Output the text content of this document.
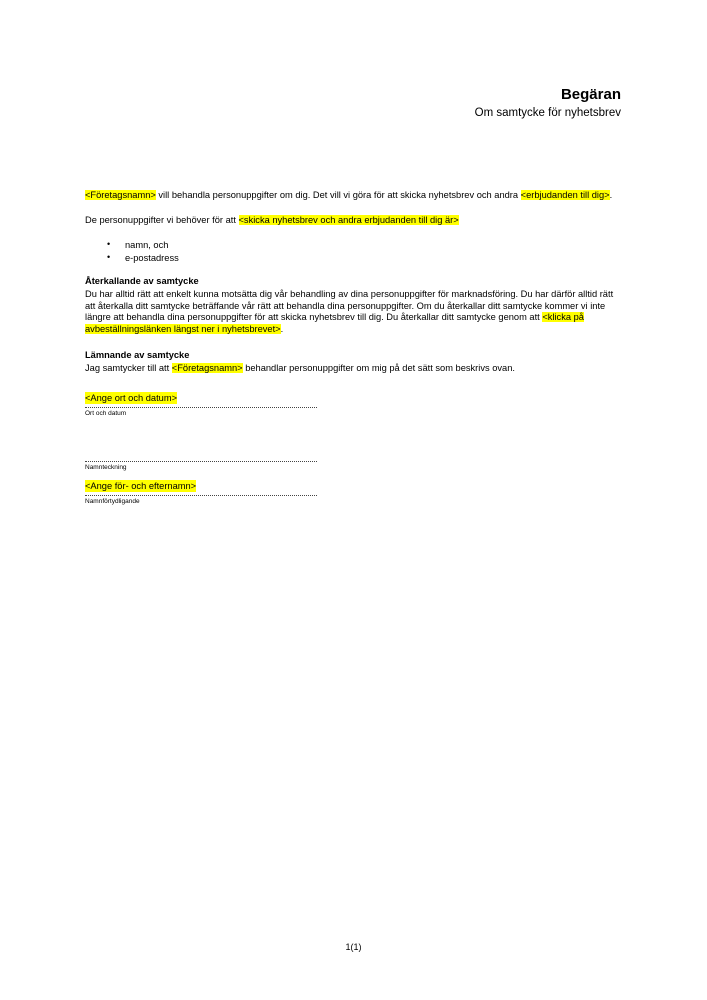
Begäran
Om samtycke för nyhetsbrev

<Företagsnamn> vill behandla personuppgifter om dig. Det vill vi göra för att skicka nyhetsbrev och andra <erbjudanden till dig>.

De personuppgifter vi behöver för att <skicka nyhetsbrev och andra erbjudanden till dig är>

• namn, och
• e-postadress
Återkallande av samtycke

Du har alltid rätt att enkelt kunna motsätta dig vår behandling av dina personuppgifter för marknadsföring. Du har därför alltid rätt att återkalla ditt samtycke beträffande vår rätt att behandla dina personuppgifter. Om du återkallar ditt samtycke kommer vi inte längre att behandla dina personuppgifter för att skicka nyhetsbrev till dig. Du återkallar ditt samtycke genom att <klicka på avbeställningslänken längst ner i nyhetsbrevet>.

Lämnande av samtycke

Jag samtycker till att <Företagsnamn> behandlar personuppgifter om mig på det sätt som beskrivs ovan.

<Ange ort och datum>
Ort och datum
Namnteckning
<Ange för- och efternamn>
Namnförtydligande
1(1)
